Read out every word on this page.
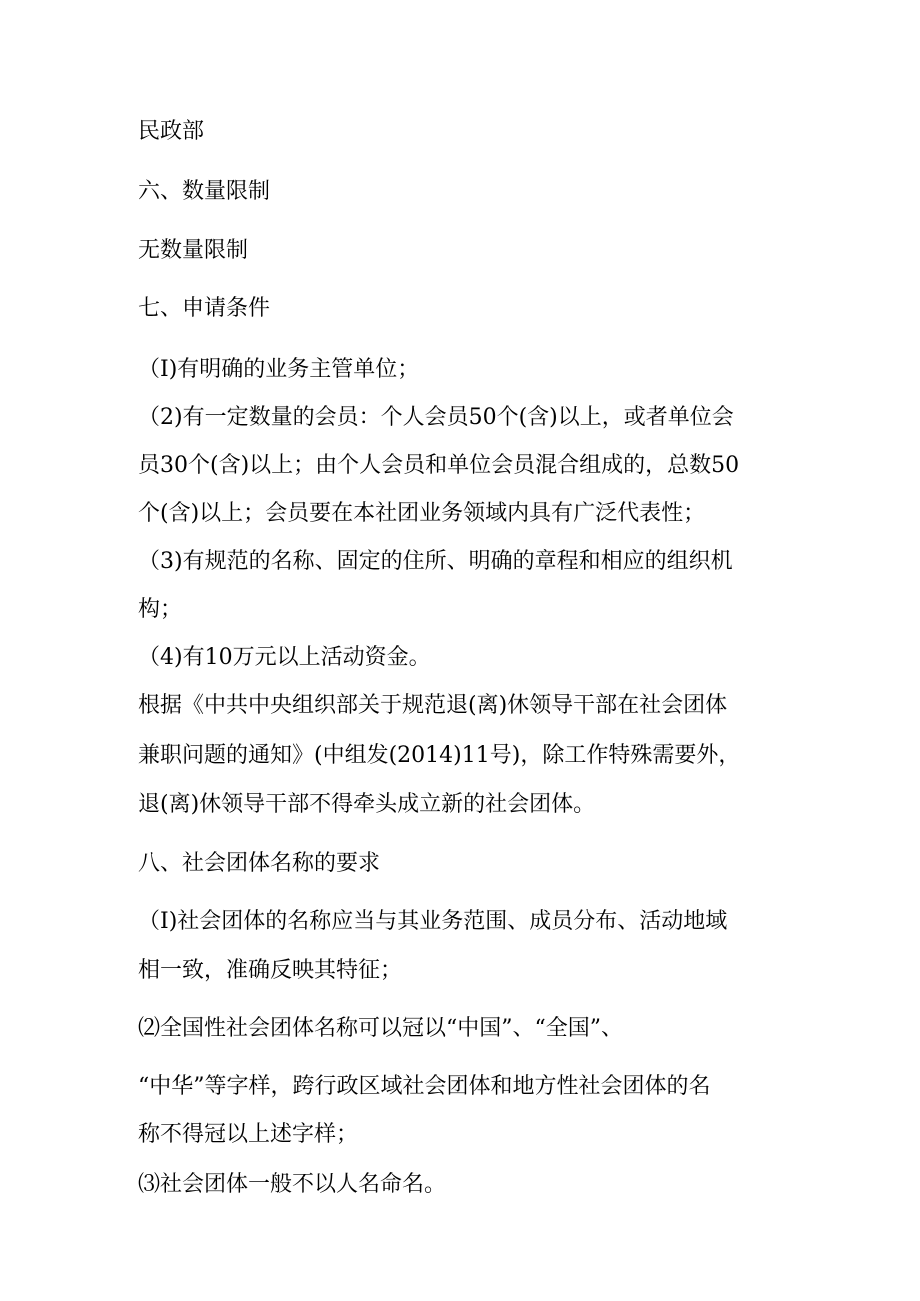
民政部
六、数量限制
无数量限制
七、申请条件
（I)有明确的业务主管单位；
（2)有一定数量的会员：个人会员50个(含)以上，或者单位会
员30个(含)以上；由个人会员和单位会员混合组成的，总数50
个(含)以上；会员要在本社团业务领域内具有广泛代表性；
（3)有规范的名称、固定的住所、明确的章程和相应的组织机
构；
（4)有10万元以上活动资金。
根据《中共中央组织部关于规范退(离)休领导干部在社会团体
兼职问题的通知》(中组发(2014)11号)，除工作特殊需要外，
退(离)休领导干部不得牵头成立新的社会团体。
八、社会团体名称的要求
（I)社会团体的名称应当与其业务范围、成员分布、活动地域
相一致，准确反映其特征；
⑵全国性社会团体名称可以冠以“中国”、“全国”、
“中华”等字样，跨行政区域社会团体和地方性社会团体的名
称不得冠以上述字样；
⑶社会团体一般不以人名命名。
